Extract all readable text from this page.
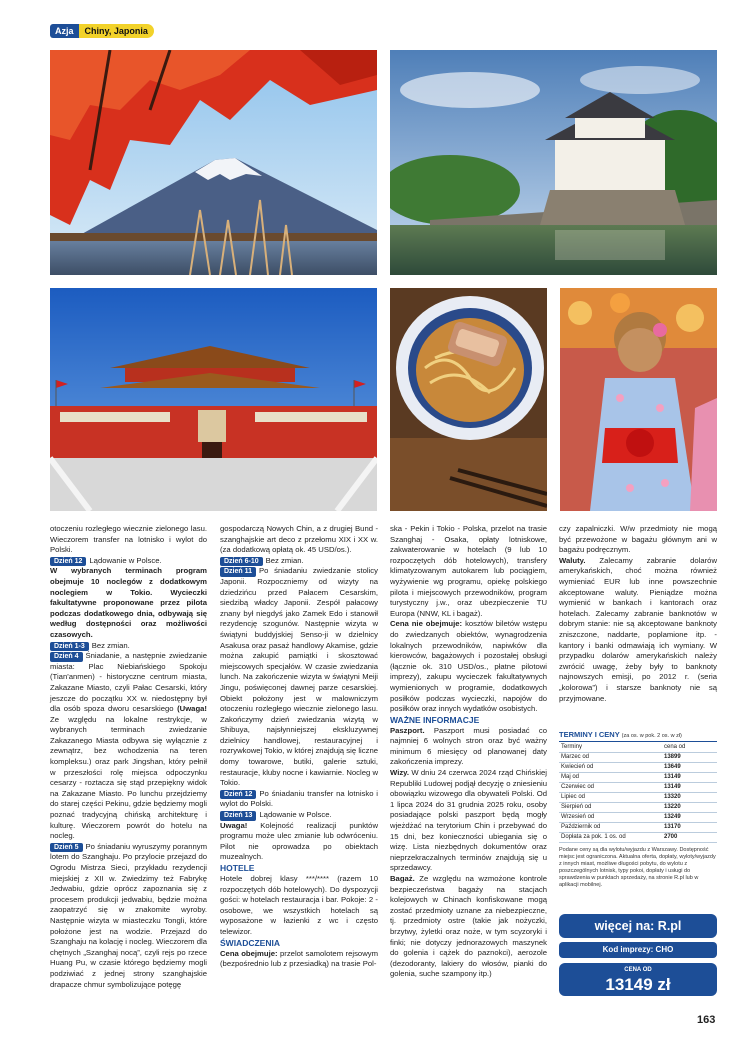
Azja	Chiny, Japonia

otoczeniu rozległego wiecznie zielonego lasu. Wieczorem transfer na lotnisko i wylot do Polski.

Dzień 12 Lądowanie w Polsce.

W wybranych terminach program obejmuje 10 noclegów z dodatkowym noclegiem w Tokio. Wycieczki fakultatywne proponowane przez pilota podczas dodatkowego dnia, odbywają się według dostępności oraz możliwości czasowych.

Dzień 1-3 Bez zmian.

Dzień 4 Śniadanie, a następnie zwiedzanie miasta: Plac Niebiańskiego Spokoju (Tian'anmen) - historyczne centrum miasta, Zakazane Miasto, czyli Pałac Cesarski, który jeszcze do początku XX w. niedostępny był dla osób spoza dworu cesarskiego (Uwaga! Ze względu na lokalne restrykcje, w wybranych terminach zwiedzanie Zakazanego Miasta odbywa się wyłącznie z zewnątrz, bez wchodzenia na teren kompleksu.) oraz park Jingshan, który pełnił w przeszłości rolę miejsca odpoczynku cesarzy - roztacza się stąd przepiękny widok na Zakazane Miasto. Po lunchu przejdziemy do starej części Pekinu, gdzie będziemy mogli poznać tradycyjną chińską architekturę i kulturę. Wieczorem powrót do hotelu na nocleg.

Dzień 5 Po śniadaniu wyruszymy porannym lotem do Szanghaju. Po przylocie przejazd do Ogrodu Mistrza Sieci, przykładu rezydencji miejskiej z XII w. Zwiedzimy też Fabrykę Jedwabiu, gdzie oprócz zapoznania się z procesem produkcji jedwabiu, będzie można zaopatrzyć się w znakomite wyroby. Następnie wizyta w miasteczku Tongli, które położone jest na wodzie. Przejazd do Szanghaju na kolację i nocleg. Wieczorem dla chętnych „Szanghaj nocą”, czyli rejs po rzece Huang Pu, w czasie którego będziemy mogli podziwiać z jednej strony szanghajskie drapacze chmur symbolizujące potęgę

gospodarczą Nowych Chin, a z drugiej Bund - szanghajskie art deco z przełomu XIX i XX w. (za dodatkową opłatą ok. 45 USD/os.).

Dzień 6-10 Bez zmian.

Dzień 11 Po śniadaniu zwiedzanie stolicy Japonii. Rozpoczniemy od wizyty na dziedzińcu przed Pałacem Cesarskim, siedzibą władcy Japonii. Zespół pałacowy znany był niegdyś jako Zamek Edo i stanowił rezydencję szogunów. Następnie wizyta w świątyni buddyjskiej Senso-ji w dzielnicy Asakusa oraz pasaż handlowy Akamise, gdzie można zakupić pamiątki i skosztować miejscowych specjałów. W czasie zwiedzania lunch. Na zakończenie wizyta w świątyni Meiji Jingu, poświęconej dawnej parze cesarskiej. Obiekt położony jest w malowniczym otoczeniu rozległego wiecznie zielonego lasu. Zakończymy dzień zwiedzania wizytą w Shibuya, najsłynniejszej ekskluzywnej dzielnicy handlowej, restauracyjnej i rozrywkowej Tokio, w której znajdują się liczne domy towarowe, butiki, galerie sztuki, restauracje, kluby nocne i kawiarnie. Nocleg w Tokio.

Dzień 12 Po śniadaniu transfer na lotnisko i wylot do Polski.

Dzień 13 Lądowanie w Polsce.

Uwaga! Kolejność realizacji punktów programu może ulec zmianie lub odwróceniu. Pilot nie oprowadza po obiektach muzealnych.

HOTELE

Hotele dobrej klasy ***/**** (razem 10 rozpoczętych dób hotelowych). Do dyspozycji gości: w hotelach restauracja i bar. Pokoje: 2 - osobowe, we wszystkich hotelach są wyposażone w łazienki z wc i często telewizor.

ŚWIADCZENIA

Cena obejmuje: przelot samolotem rejsowym (bezpośrednio lub z przesiadką) na trasie Pol-

ska - Pekin i Tokio - Polska, przelot na trasie Szanghaj - Osaka, opłaty lotniskowe, zakwaterowanie w hotelach (9 lub 10 rozpoczętych dób hotelowych), transfery klimatyzowanym autokarem lub pociągiem, wyżywienie wg programu, opiekę polskiego pilota i miejscowych przewodników, program turystyczny j.w., oraz ubezpieczenie TU Europa (NNW, KL i bagaż).

Cena nie obejmuje: kosztów biletów wstępu do zwiedzanych obiektów, wynagrodzenia lokalnych przewodników, napiwków dla kierowców, bagażowych i pozostałej obsługi (łącznie ok. 310 USD/os., płatne pilotowi imprezy), zakupu wycieczek fakultatywnych wymienionych w programie, dodatkowych posiłków podczas wycieczki, napojów do posiłków oraz innych wydatków osobistych.

WAŻNE INFORMACJE

Paszport. Paszport musi posiadać co najmniej 6 wolnych stron oraz być ważny minimum 6 miesięcy od planowanej daty zakończenia imprezy.

Wizy. W dniu 24 czerwca 2024 rząd Chińskiej Republiki Ludowej podjął decyzję o zniesieniu obowiązku wizowego dla obywateli Polski. Od 1 lipca 2024 do 31 grudnia 2025 roku, osoby posiadające polski paszport będą mogły wjeżdżać na terytorium Chin i przebywać do 15 dni, bez konieczności ubiegania się o wizę. Lista niezbędnych dokumentów oraz nieprzekraczalnych terminów znajdują się u sprzedawcy.

Bagaż. Ze względu na wzmożone kontrole bezpieczeństwa bagaży na stacjach kolejowych w Chinach konfiskowane mogą zostać przedmioty uznane za niebezpieczne, tj. przedmioty ostre (takie jak nożyczki, brzytwy, żyletki oraz noże, w tym scyzoryki i finki; nie dotyczy jednorazowych maszynek do golenia i cążek do paznokci), aerozole (dezodoranty, lakiery do włosów, pianki do golenia, suche szampony itp.)

czy zapalniczki. W/w przedmioty nie mogą być przewożone w bagażu głównym ani w bagażu podręcznym.

Waluty. Zalecamy zabranie dolarów amerykańskich, choć można również wymieniać EUR lub inne powszechnie akceptowane waluty. Pieniądze można wymienić w bankach i kantorach oraz hotelach. Zalecamy zabranie banknotów w dobrym stanie: nie są akceptowane banknoty zniszczone, naddarte, poplamione itp. - kantory i banki odmawiają ich wymiany. W przypadku dolarów amerykańskich należy zwrócić uwagę, żeby były to banknoty najnowszych emisji, po 2012 r. (seria „kolorowa”) i starsze banknoty nie są przyjmowane.

TERMINY I CENY (za os. w pok. 2 os. w zł)
Terminy	cena od
Marzec od	13899
Kwiecień od	13649
Maj od	13149
Czerwiec od	13149
Lipiec od	13320
Sierpień od	13220
Wrzesień od	13249
Październik od	13170
Dopłata za pok. 1 os. od	2700

Podane ceny są dla wylotu/wyjazdu z Warszawy. Dostępność miejsc jest ograniczona. Aktualna oferta, dopłaty, wyloty/wyjazdy z innych miast, możliwe długości pobytu, do wylotu z poszczególnych lotnisk, typy pokoi, dopłaty i usługi do sprawdzenia w punktach sprzedaży, na stronie R.pl lub w aplikacji mobilnej.

więcej na: R.pl
Kod imprezy: CHO
CENA OD
13149 zł
163
